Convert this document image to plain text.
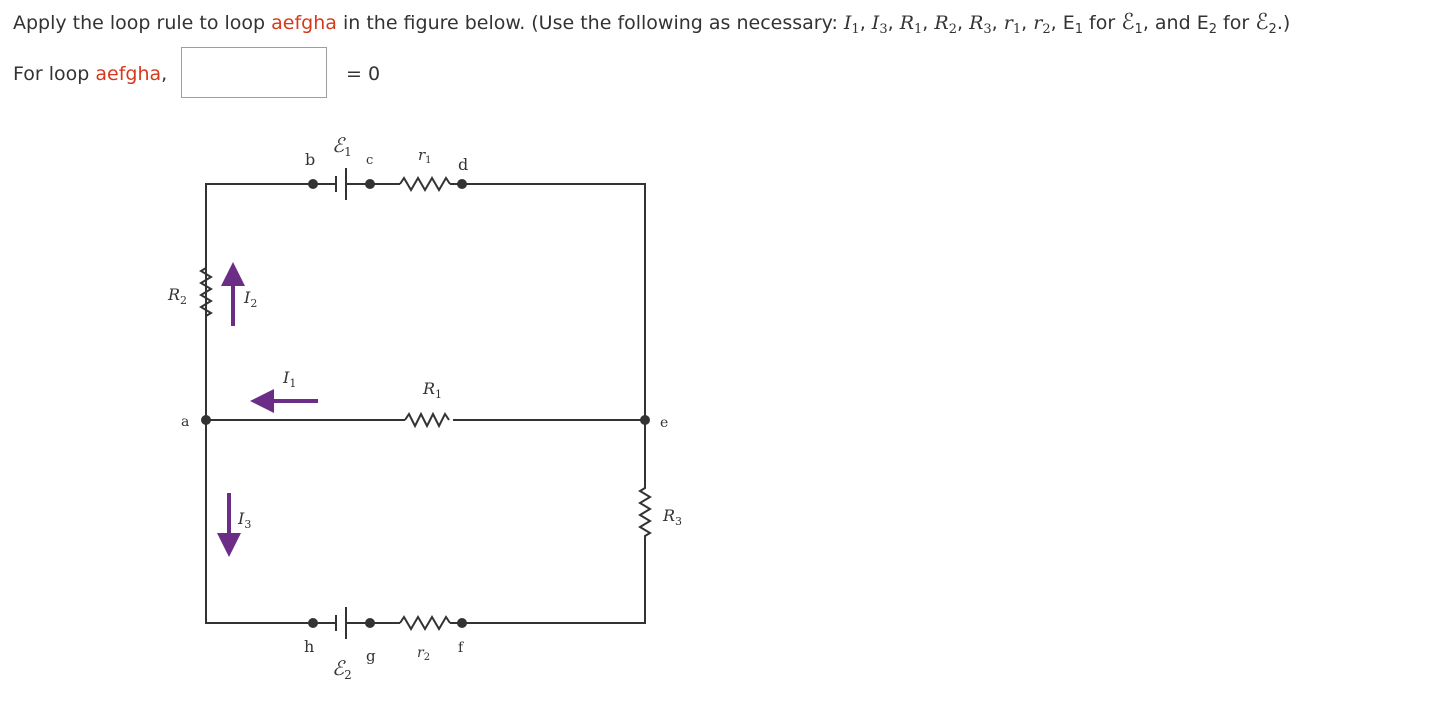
Apply the loop rule to loop aefgha in the figure below. (Use the following as necessary: $I_1$, $I_3$, $R_1$, $R_2$, $R_3$, $r_1$, $r_2$, $E_1$ for ℰ$_1$, and $E_2$ for ℰ$_2$.)
For loop aefgha,	= 0
b	c	d
a	e
h	g	f
ℰ$_1$
ℰ$_2$
$r_1$
$r_2$
$R_1$
$R_2$
$R_3$
$I_1$
$I_2$
$I_3$
